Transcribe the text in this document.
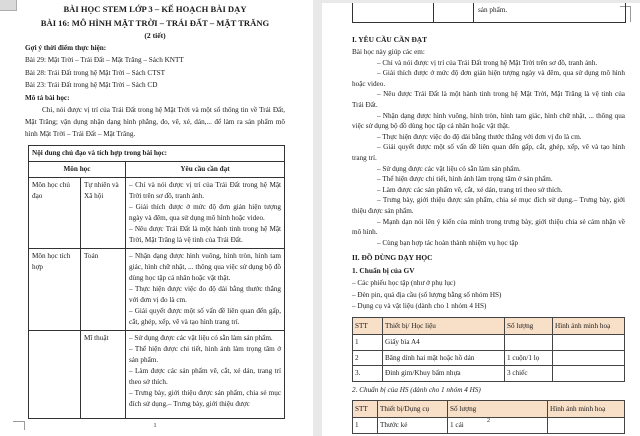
BÀI HỌC STEM LỚP 3 – KẾ HOẠCH BÀI DẠY
BÀI 16: MÔ HÌNH MẶT TRỜI – TRÁI ĐẤT – MẶT TRĂNG
(2 tiết)
Gợi ý thời điểm thực hiện:
Bài 29: Mặt Trời – Trái Đất – Mặt Trăng – Sách KNTT
Bài 28: Trái Đất trong hệ Mặt Trời – Sách CTST
Bài 23: Trái Đất trong hệ Mặt Trời – Sách CD
Mô tả bài học:
Chỉ, nói được vị trí của Trái Đất trong hệ Mặt Trời và một số thông tin về Trái Đất, Mặt Trăng; vận dụng nhận dạng hình phẳng, đo, vẽ, xé, dán,... để làm ra sản phẩm mô hình Mặt Trời – Trái Đất – Mặt Trăng.
Nội dung chủ đạo và tích hợp trong bài học:		
Môn học		Yêu cầu cần đạt
Môn học chủ đạo	Tự nhiên và Xã hội	– Chỉ và nói được vị trí của Trái Đất trong hệ Mặt Trời trên sơ đồ, tranh ảnh.
– Giải thích được ở mức độ đơn giản hiện tượng ngày và đêm, qua sử dụng mô hình hoặc video.
– Nêu được Trái Đất là một hành tinh trong hệ Mặt Trời, Mặt Trăng là vệ tinh của Trái Đất.

Môn học tích hợp	Toán	– Nhận dạng được hình vuông, hình tròn, hình tam giác, hình chữ nhật, ... thông qua việc sử dụng bộ đồ dùng học tập cá nhân hoặc vật thật.
– Thực hiện được việc đo độ dài bằng thước thẳng với đơn vị đo là cm.
– Giải quyết được một số vấn đề liên quan đến gấp, cắt, ghép, xếp, vẽ và tạo hình trang trí.

	Mĩ thuật	– Sử dụng được các vật liệu có sẵn làm sản phẩm.
– Thể hiện được chi tiết, hình ảnh làm trọng tâm ở sản phẩm.
– Làm được các sản phẩm vẽ, cắt, xé dán, trang trí theo sở thích.
– Trưng bày, giới thiệu được sản phẩm, chia sẻ mục đích sử dụng.– Trưng bày, giới thiệu được
1
		sản phẩm.
I. YÊU CẦU CẦN ĐẠT
Bài học này giúp các em:
– Chỉ và nói được vị trí của Trái Đất trong hệ Mặt Trời trên sơ đồ, tranh ảnh.
– Giải thích được ở mức độ đơn giản hiện tượng ngày và đêm, qua sử dụng mô hình hoặc video.
– Nêu được Trái Đất là một hành tinh trong hệ Mặt Trời, Mặt Trăng là vệ tinh của Trái Đất.
– Nhận dạng được hình vuông, hình tròn, hình tam giác, hình chữ nhật, ... thông qua việc sử dụng bộ đồ dùng học tập cá nhân hoặc vật thật.
– Thực hiện được việc đo độ dài bằng thước thẳng với đơn vị đo là cm.
– Giải quyết được một số vấn đề liên quan đến gấp, cắt, ghép, xếp, vẽ và tạo hình trang trí.
– Sử dụng được các vật liệu có sẵn làm sản phẩm.
– Thể hiện được chi tiết, hình ảnh làm trọng tâm ở sản phẩm.
– Làm được các sản phẩm vẽ, cắt, xé dán, trang trí theo sở thích.
– Trưng bày, giới thiệu được sản phẩm, chia sẻ mục đích sử dụng.– Trưng bày, giới thiệu được sản phẩm.
– Mạnh dạn nói lên ý kiến của mình trong trưng bày, giới thiệu chia sẻ cảm nhận về mô hình.
– Cùng bạn hợp tác hoàn thành nhiệm vụ học tập
II. ĐỒ DÙNG DẠY HỌC
1. Chuẩn bị của GV
– Các phiếu học tập (như ở phụ lục)
– Đèn pin, quả địa cầu (số lượng bằng số nhóm HS)
– Dụng cụ và vật liệu (dành cho 1 nhóm 4 HS)
STT	Thiết bị/ Học liệu	Số lượng	Hình ảnh minh hoạ
1	Giấy bìa A4		
2	Băng dính hai mặt hoặc hồ dán	1 cuộn/1 lọ	
3.	Đinh gim/Khuy bấm nhựa	3 chiếc	
2. Chuẩn bị của HS (dành cho 1 nhóm 4 HS)
STT	Thiết bị/Dụng cụ	Số lượng	Hình ảnh minh hoạ
1	Thước kẻ	1 cái	
2
